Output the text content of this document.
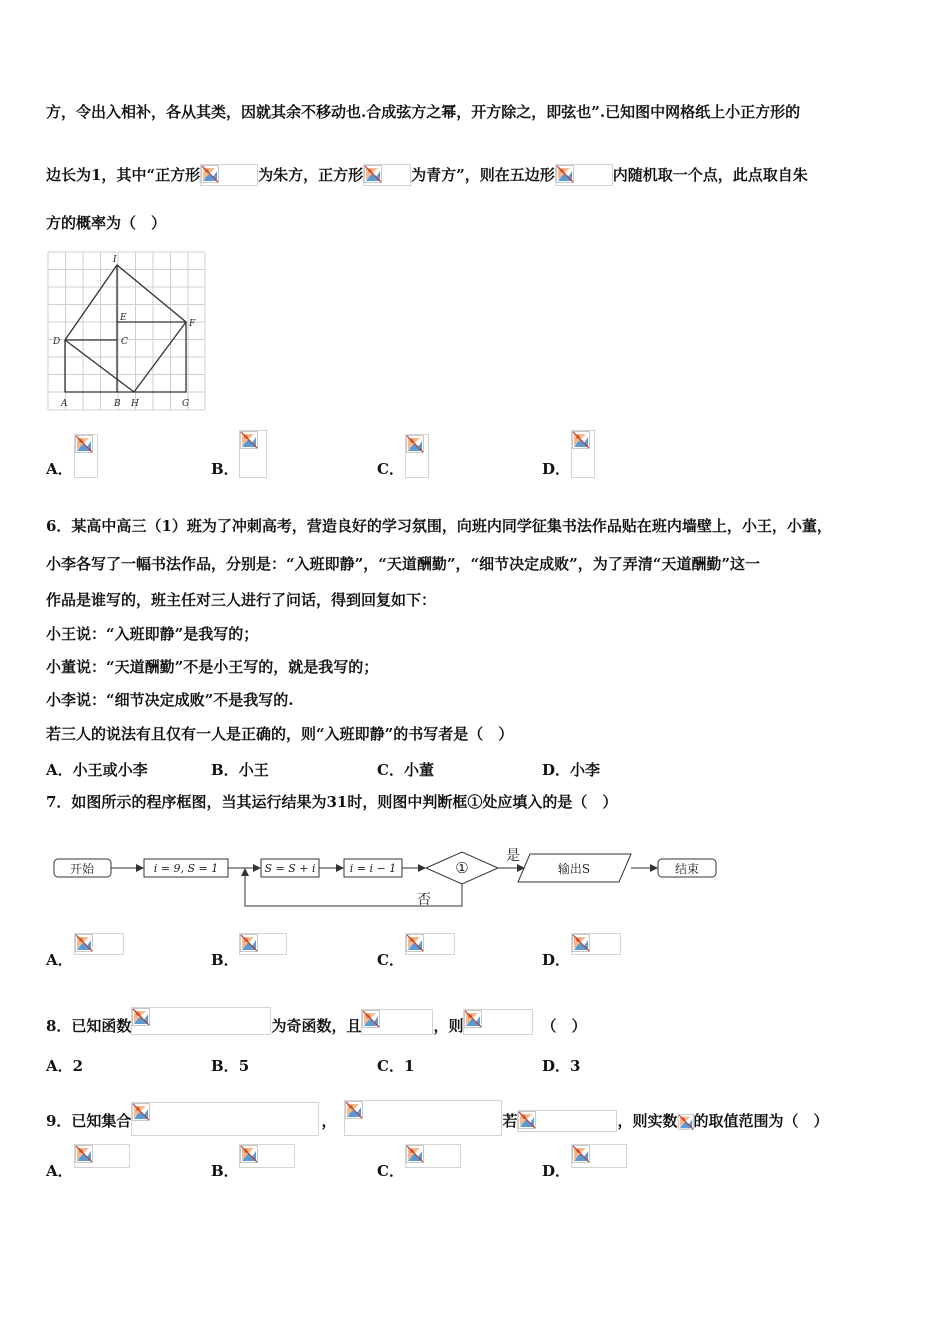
方，令出入相补，各从其类，因就其余不移动也.合成弦方之幂，开方除之，即弦也”.已知图中网格纸上小正方形的
边长为1，其中“正方形	为朱方，正方形	为青方”，则在五边形	内随机取一个点，此点取自朱
方的概率为（　）
I
E
F
D	C
A	B H	G
A．	B．	C．	D．
6．某高中高三（1）班为了冲刺高考，营造良好的学习氛围，向班内同学征集书法作品贴在班内墙壁上，小王，小董，
小李各写了一幅书法作品，分别是：“入班即静”，“天道酬勤”，“细节决定成败”，为了弄清“天道酬勤”这一
作品是谁写的，班主任对三人进行了问话，得到回复如下：
小王说：“入班即静”是我写的；
小董说：“天道酬勤”不是小王写的，就是我写的；
小李说：“细节决定成败”不是我写的.
若三人的说法有且仅有一人是正确的，则“入班即静”的书写者是（　）
A．小王或小李	B．小王	C．小董	D．小李
7．如图所示的程序框图，当其运行结果为31时，则图中判断框①处应填入的是（　）
开始	i = 9, S = 1	S = S + i	i = i − 1	①
是
输出S	结束
否
A．	B．	C．	D．
8．已知函数	为奇函数，且	，则	（　）
A．2	B．5	C．1	D．3
9．已知集合	，	若	，则实数 的取值范围为（　）
A．	B．	C．	D．
